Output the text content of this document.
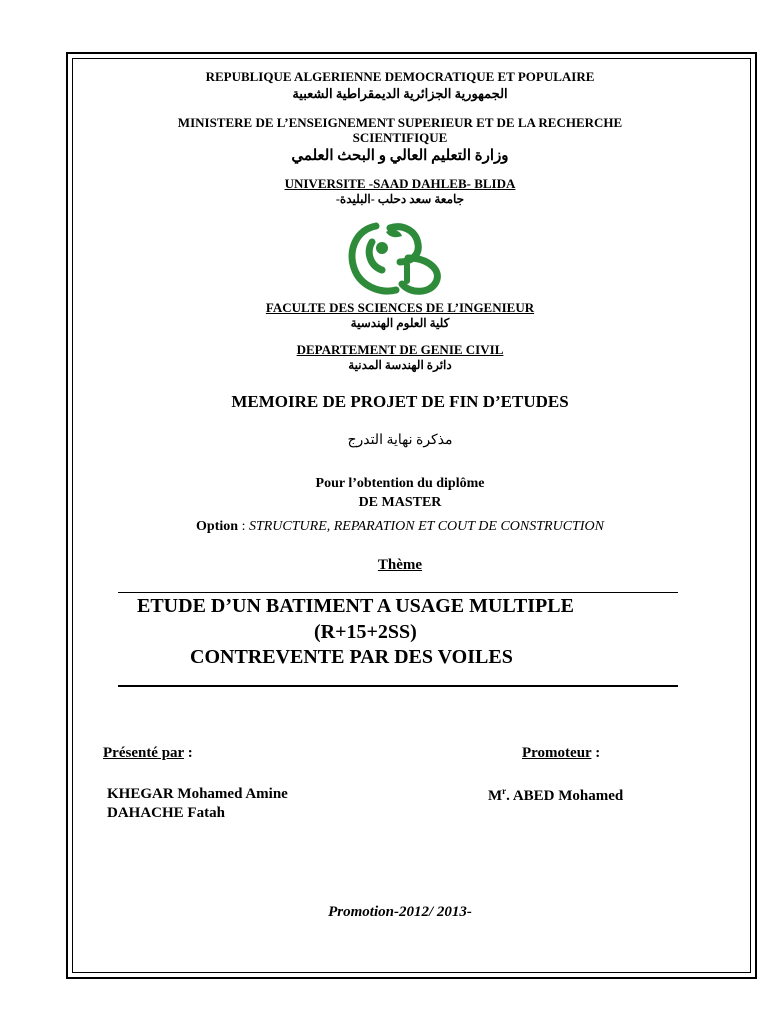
REPUBLIQUE ALGERIENNE DEMOCRATIQUE ET POPULAIRE
الجمهورية الجزائرية الديمقراطية الشعبية
MINISTERE DE L’ENSEIGNEMENT SUPERIEUR ET DE LA RECHERCHE
SCIENTIFIQUE
وزارة التعليم العالي و البحث العلمي
UNIVERSITE -SAAD DAHLEB- BLIDA
جامعة سعد دحلب -البليدة-
FACULTE DES SCIENCES DE L’INGENIEUR
كلية العلوم الهندسية
DEPARTEMENT DE GENIE CIVIL
دائرة الهندسة المدنية
MEMOIRE DE PROJET DE FIN D’ETUDES
مذكرة نهاية التدرج
Pour l’obtention du diplôme
DE MASTER
Option : STRUCTURE, REPARATION ET COUT DE CONSTRUCTION
Thème
ETUDE D’UN BATIMENT A USAGE MULTIPLE
(R+15+2SS)
CONTREVENTE PAR DES VOILES
Présenté par :	Promoteur :
KHEGAR Mohamed Amine
DAHACHE Fatah
$M^r$. ABED Mohamed
Promotion-2012/ 2013-
